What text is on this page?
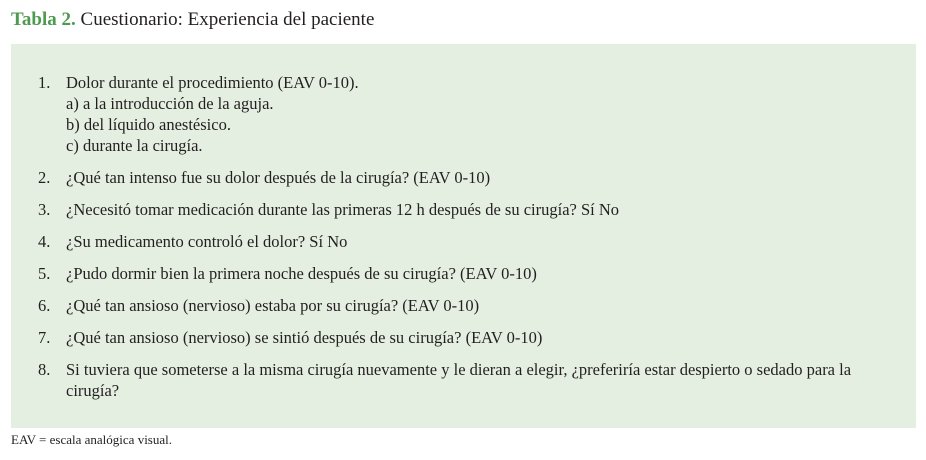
Tabla 2. Cuestionario: Experiencia del paciente
1. Dolor durante el procedimiento (EAV 0-10).
a) a la introducción de la aguja.
b) del líquido anestésico.
c) durante la cirugía.
2. ¿Qué tan intenso fue su dolor después de la cirugía? (EAV 0-10)
3. ¿Necesitó tomar medicación durante las primeras 12 h después de su cirugía? Sí No
4. ¿Su medicamento controló el dolor? Sí No
5. ¿Pudo dormir bien la primera noche después de su cirugía? (EAV 0-10)
6. ¿Qué tan ansioso (nervioso) estaba por su cirugía? (EAV 0-10)
7. ¿Qué tan ansioso (nervioso) se sintió después de su cirugía? (EAV 0-10)
8. Si tuviera que someterse a la misma cirugía nuevamente y le dieran a elegir, ¿preferiría estar despierto o sedado para la cirugía?
EAV = escala analógica visual.
